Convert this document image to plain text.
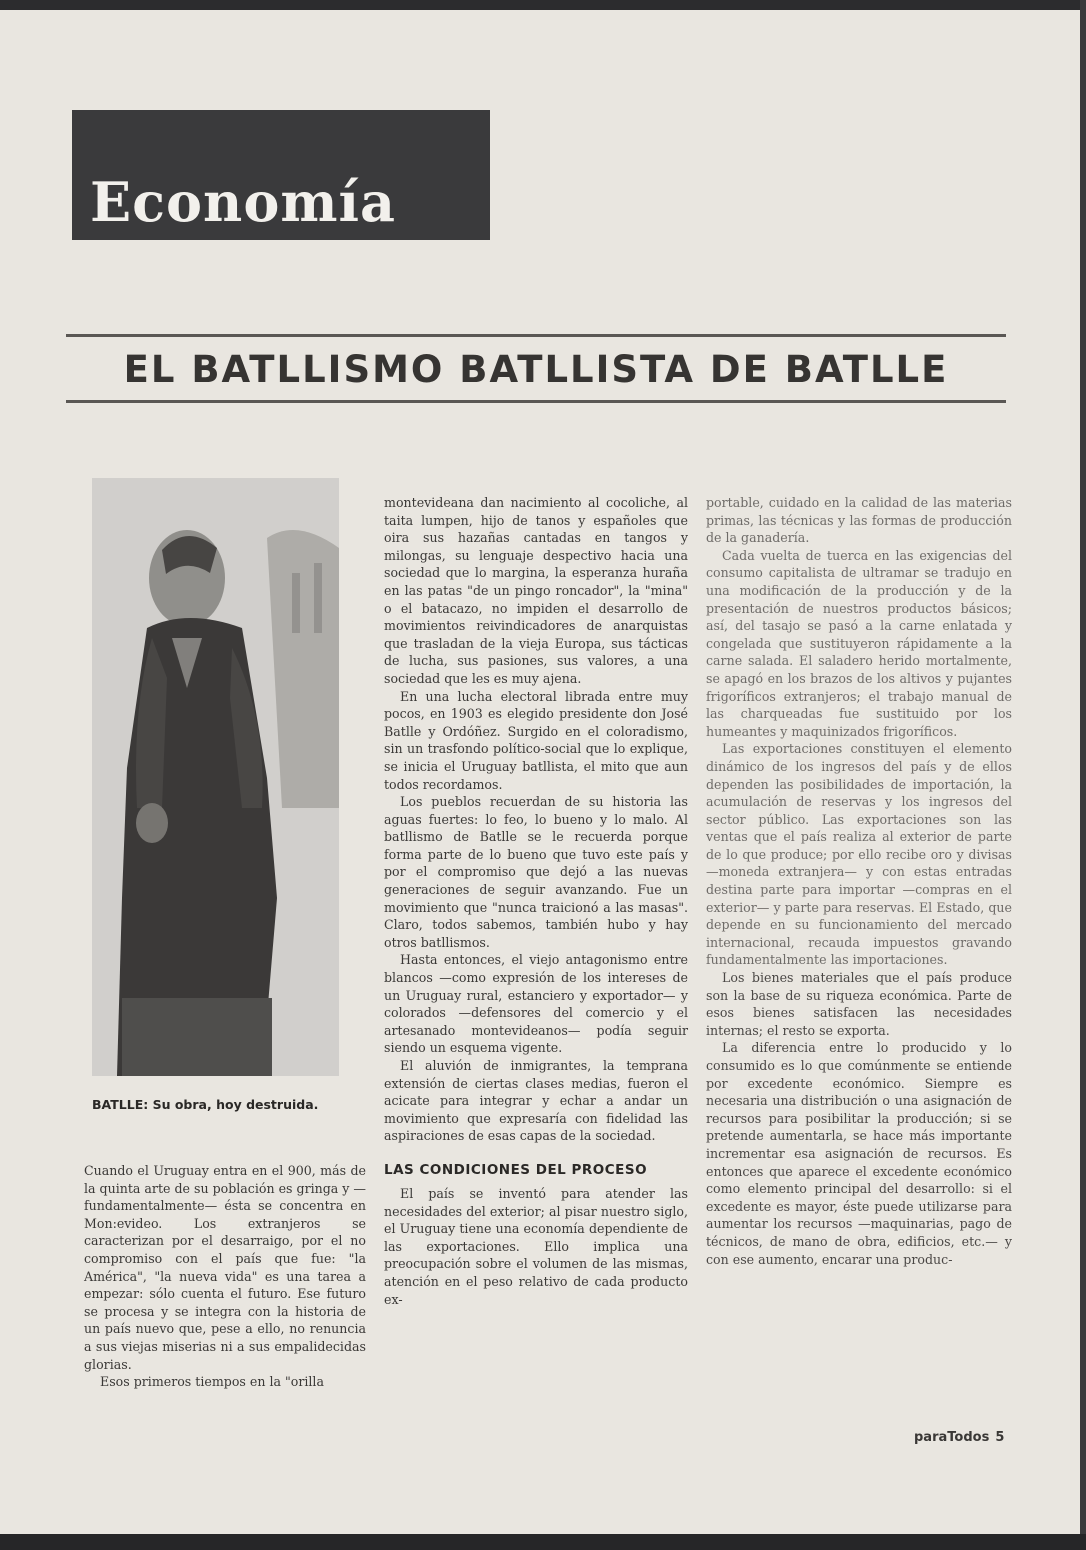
Economía
EL BATLLISMO BATLLISTA DE BATLLE
BATLLE: Su obra, hoy destruida.

Cuando el Uruguay entra en el 900, más de la quinta arte de su población es gringa y —fundamentalmente— ésta se concentra en Mon:evideo. Los extranjeros se caracterizan por el desarraigo, por el no compromiso con el país que fue: "la América", "la nueva vida" es una tarea a empezar: sólo cuenta el futuro. Ese futuro se procesa y se integra con la historia de un país nuevo que, pese a ello, no renuncia a sus viejas miserias ni a sus empalidecidas glorias.

Esos primeros tiempos en la "orilla

montevideana dan nacimiento al cocoliche, al taita lumpen, hijo de tanos y españoles que oira sus hazañas cantadas en tangos y milongas, su lenguaje despectivo hacia una sociedad que lo margina, la esperanza huraña en las patas "de un pingo roncador", la "mina" o el batacazo, no impiden el desarrollo de movimientos reivindicadores de anarquistas que trasladan de la vieja Europa, sus tácticas de lucha, sus pasiones, sus valores, a una sociedad que les es muy ajena.

En una lucha electoral librada entre muy pocos, en 1903 es elegido presidente don José Batlle y Ordóñez. Surgido en el coloradismo, sin un trasfondo político-social que lo explique, se inicia el Uruguay batllista, el mito que aun todos recordamos.

Los pueblos recuerdan de su historia las aguas fuertes: lo feo, lo bueno y lo malo. Al batllismo de Batlle se le recuerda porque forma parte de lo bueno que tuvo este país y por el compromiso que dejó a las nuevas generaciones de seguir avanzando. Fue un movimiento que "nunca traicionó a las masas". Claro, todos sabemos, también hubo y hay otros batllismos.

Hasta entonces, el viejo antagonismo entre blancos —como expresión de los intereses de un Uruguay rural, estanciero y exportador— y colorados —defensores del comercio y el artesanado montevideanos— podía seguir siendo un esquema vigente.

El aluvión de inmigrantes, la temprana extensión de ciertas clases medias, fueron el acicate para integrar y echar a andar un movimiento que expresaría con fidelidad las aspiraciones de esas capas de la sociedad.

LAS CONDICIONES DEL PROCESO

El país se inventó para atender las necesidades del exterior; al pisar nuestro siglo, el Uruguay tiene una economía dependiente de las exportaciones. Ello implica una preocupación sobre el volumen de las mismas, atención en el peso relativo de cada producto ex-

portable, cuidado en la calidad de las materias primas, las técnicas y las formas de producción de la ganadería.

Cada vuelta de tuerca en las exigencias del consumo capitalista de ultramar se tradujo en una modificación de la producción y de la presentación de nuestros productos básicos; así, del tasajo se pasó a la carne enlatada y congelada que sustituyeron rápidamente a la carne salada. El saladero herido mortalmente, se apagó en los brazos de los altivos y pujantes frigoríficos extranjeros; el trabajo manual de las charqueadas fue sustituido por los humeantes y maquinizados frigoríficos.

Las exportaciones constituyen el elemento dinámico de los ingresos del país y de ellos dependen las posibilidades de importación, la acumulación de reservas y los ingresos del sector público. Las exportaciones son las ventas que el país realiza al exterior de parte de lo que produce; por ello recibe oro y divisas —moneda extranjera— y con estas entradas destina parte para importar —compras en el exterior— y parte para reservas. El Estado, que depende en su funcionamiento del mercado internacional, recauda impuestos gravando fundamentalmente las importaciones.

Los bienes materiales que el país produce son la base de su riqueza económica. Parte de esos bienes satisfacen las necesidades internas; el resto se exporta.

La diferencia entre lo producido y lo consumido es lo que comúnmente se entiende por excedente económico. Siempre es necesaria una distribución o una asignación de recursos para posibilitar la producción; si se pretende aumentarla, se hace más importante incrementar esa asignación de recursos. Es entonces que aparece el excedente económico como elemento principal del desarrollo: si el excedente es mayor, éste puede utilizarse para aumentar los recursos —maquinarias, pago de técnicos, de mano de obra, edificios, etc.— y con ese aumento, encarar una produc-

paraTodos 5
